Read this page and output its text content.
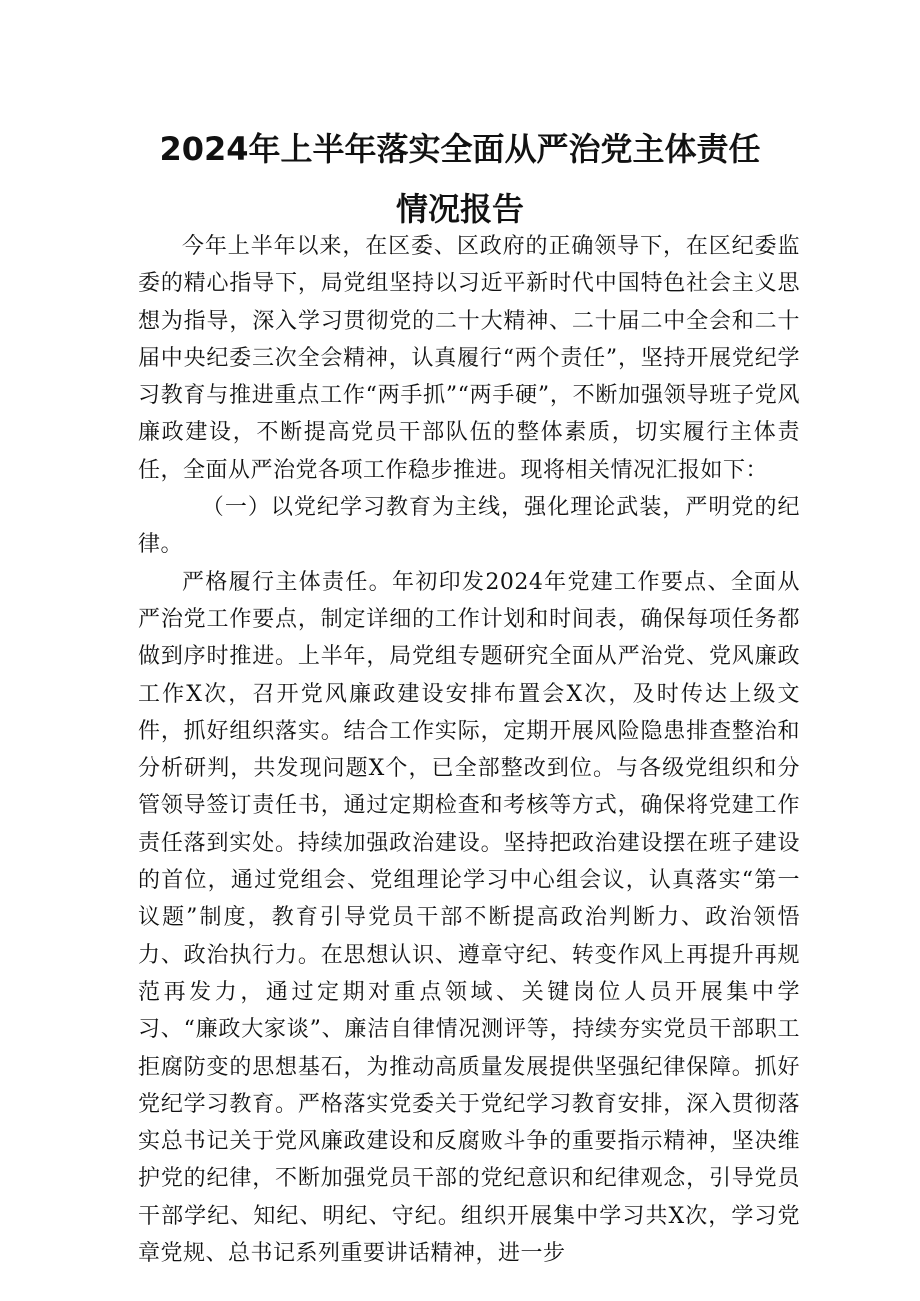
2024年上半年落实全面从严治党主体责任
情况报告

今年上半年以来，在区委、区政府的正确领导下，在区纪委监委的精心指导下，局党组坚持以习近平新时代中国特色社会主义思想为指导，深入学习贯彻党的二十大精神、二十届二中全会和二十届中央纪委三次全会精神，认真履行“两个责任”，坚持开展党纪学习教育与推进重点工作“两手抓”“两手硬”，不断加强领导班子党风廉政建设，不断提高党员干部队伍的整体素质，切实履行主体责任，全面从严治党各项工作稳步推进。现将相关情况汇报如下：

（一）以党纪学习教育为主线，强化理论武装，严明党的纪律。

严格履行主体责任。年初印发2024年党建工作要点、全面从严治党工作要点，制定详细的工作计划和时间表，确保每项任务都做到序时推进。上半年，局党组专题研究全面从严治党、党风廉政工作X次，召开党风廉政建设安排布置会X次，及时传达上级文件，抓好组织落实。结合工作实际，定期开展风险隐患排查整治和分析研判，共发现问题X个，已全部整改到位。与各级党组织和分管领导签订责任书，通过定期检查和考核等方式，确保将党建工作责任落到实处。持续加强政治建设。坚持把政治建设摆在班子建设的首位，通过党组会、党组理论学习中心组会议，认真落实“第一议题”制度，教育引导党员干部不断提高政治判断力、政治领悟力、政治执行力。在思想认识、遵章守纪、转变作风上再提升再规范再发力，通过定期对重点领域、关键岗位人员开展集中学习、“廉政大家谈”、廉洁自律情况测评等，持续夯实党员干部职工拒腐防变的思想基石，为推动高质量发展提供坚强纪律保障。抓好党纪学习教育。严格落实党委关于党纪学习教育安排，深入贯彻落实总书记关于党风廉政建设和反腐败斗争的重要指示精神，坚决维护党的纪律，不断加强党员干部的党纪意识和纪律观念，引导党员干部学纪、知纪、明纪、守纪。组织开展集中学习共X次，学习党章党规、总书记系列重要讲话精神，进一步
